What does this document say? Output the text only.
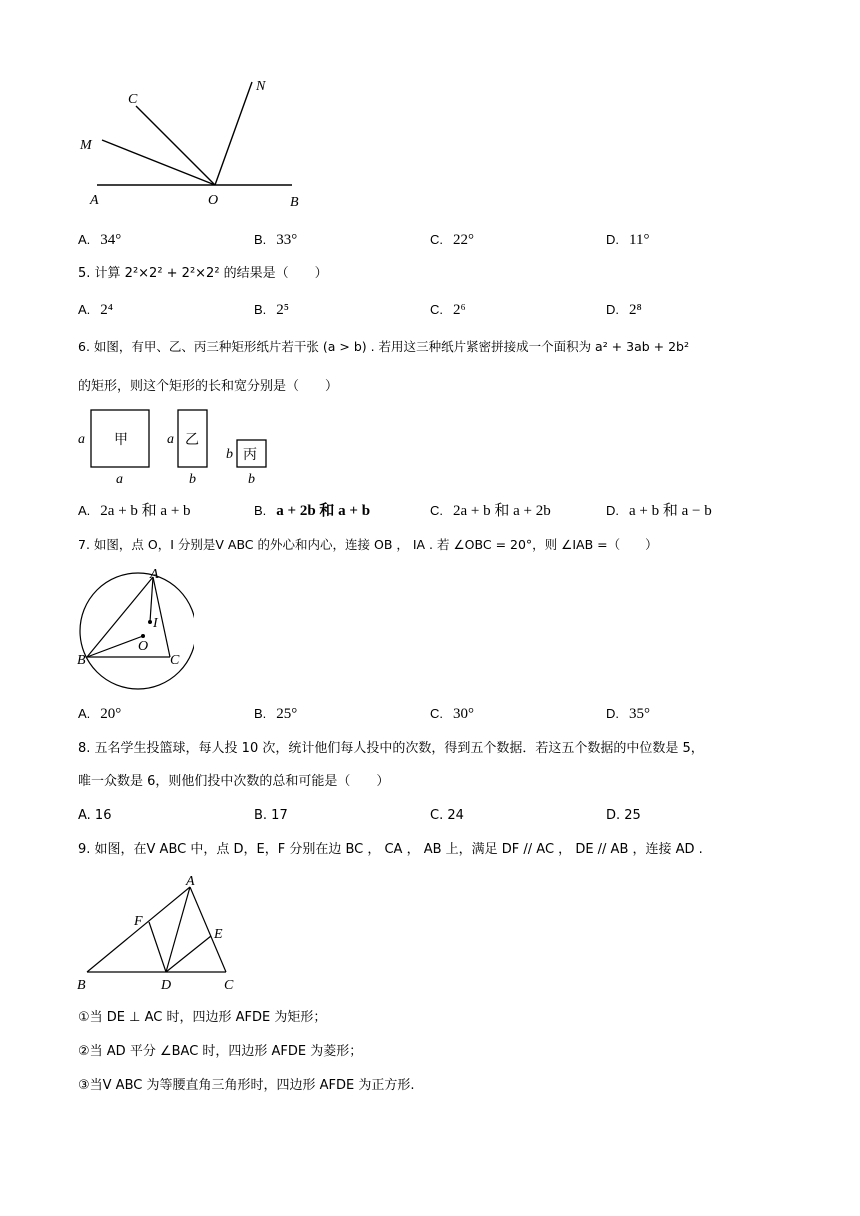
C
N
M
A	O	B
A. 34°	B. 33°	C. 22°	D. 11°
5. 计算 2²×2² + 2²×2² 的结果是（　　）
A. 2⁴	B. 2⁵	C. 2⁶	D. 2⁸
6. 如图，有甲、乙、丙三种矩形纸片若干张 (a > b) . 若用这三种纸片紧密拼接成一个面积为 a² + 3ab + 2b²
的矩形，则这个矩形的长和宽分别是（　　）
甲
a
a
乙
a
b
丙
b
b
A. 2a + b 和 a + b	B. a + 2b 和 a + b	C. 2a + b 和 a + 2b	D. a + b 和 a − b
7. 如图，点 O，I 分别是V ABC 的外心和内心，连接 OB ， IA . 若 ∠OBC = 20°，则 ∠IAB =（　　）
A
B	C
I
O
A. 20°	B. 25°	C. 30°	D. 35°
8. 五名学生投篮球，每人投 10 次，统计他们每人投中的次数，得到五个数据．若这五个数据的中位数是 5，
唯一众数是 6，则他们投中次数的总和可能是（　　）
A. 16	B. 17	C. 24	D. 25
9. 如图，在V ABC 中，点 D，E，F 分别在边 BC ， CA ， AB 上，满足 DF // AC ， DE // AB ，连接 AD .
A
B	C
D
E
F
①当 DE ⊥ AC 时，四边形 AFDE 为矩形；
②当 AD 平分 ∠BAC 时，四边形 AFDE 为菱形；
③当V ABC 为等腰直角三角形时，四边形 AFDE 为正方形.
